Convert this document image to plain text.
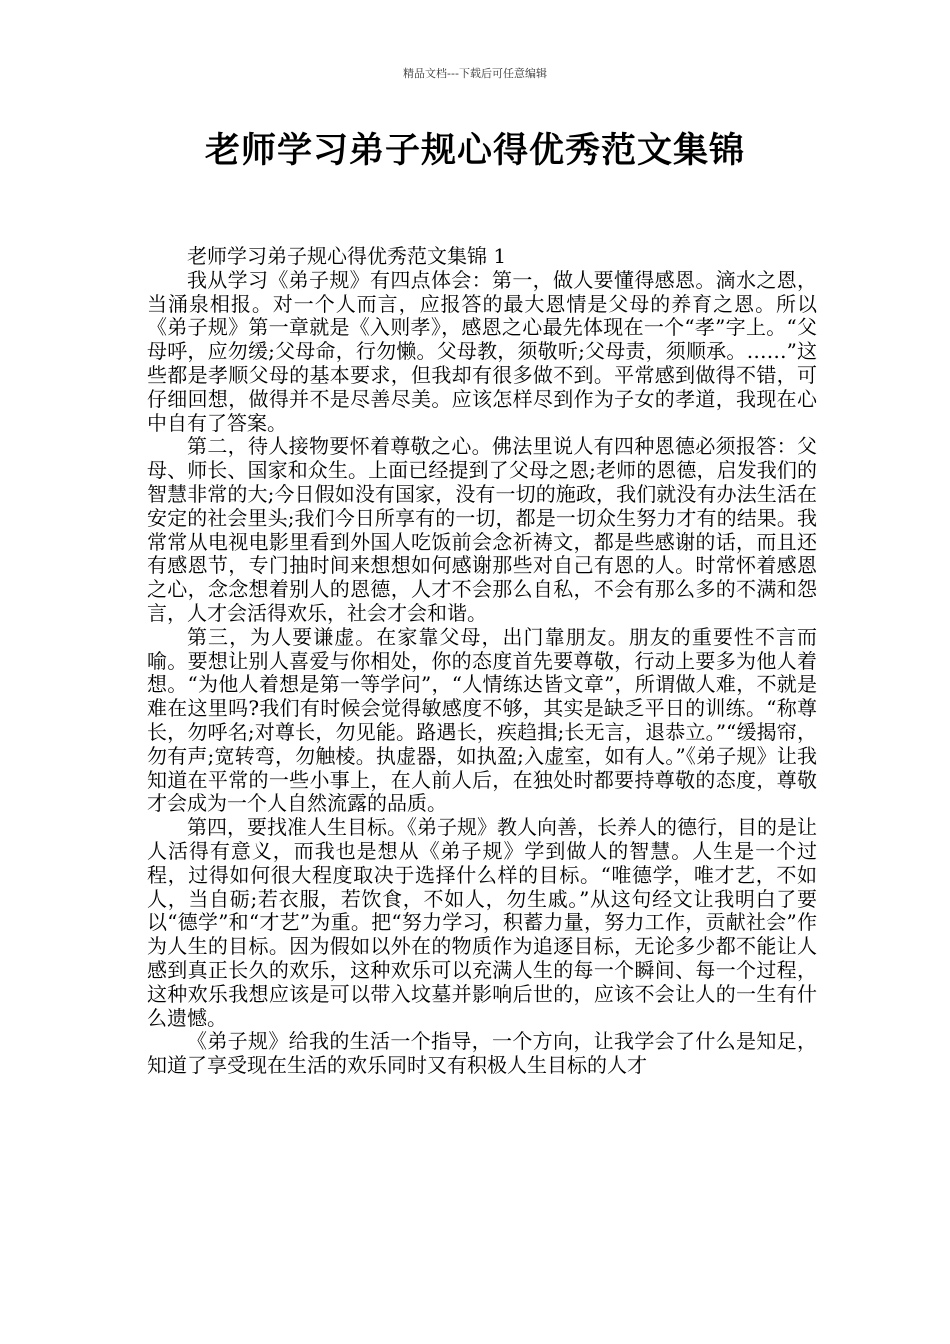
精品文档---下载后可任意编辑
老师学习弟子规心得优秀范文集锦

老师学习弟子规心得优秀范文集锦 1

我从学习《弟子规》有四点体会：第一，做人要懂得感恩。滴水之恩，当涌泉相报。对一个人而言，应报答的最大恩情是父母的养育之恩。所以《弟子规》第一章就是《入则孝》，感恩之心最先体现在一个“孝”字上。“父母呼，应勿缓;父母命，行勿懒。父母教，须敬听;父母责，须顺承。……”这些都是孝顺父母的基本要求，但我却有很多做不到。平常感到做得不错，可仔细回想，做得并不是尽善尽美。应该怎样尽到作为子女的孝道，我现在心中自有了答案。

第二，待人接物要怀着尊敬之心。佛法里说人有四种恩德必须报答：父母、师长、国家和众生。上面已经提到了父母之恩;老师的恩德，启发我们的智慧非常的大;今日假如没有国家，没有一切的施政，我们就没有办法生活在安定的社会里头;我们今日所享有的一切，都是一切众生努力才有的结果。我常常从电视电影里看到外国人吃饭前会念祈祷文，都是些感谢的话，而且还有感恩节，专门抽时间来想想如何感谢那些对自己有恩的人。时常怀着感恩之心，念念想着别人的恩德，人才不会那么自私，不会有那么多的不满和怨言，人才会活得欢乐，社会才会和谐。

第三，为人要谦虚。在家靠父母，出门靠朋友。朋友的重要性不言而喻。要想让别人喜爱与你相处，你的态度首先要尊敬，行动上要多为他人着想。“为他人着想是第一等学问”，“人情练达皆文章”，所谓做人难，不就是难在这里吗?我们有时候会觉得敏感度不够，其实是缺乏平日的训练。“称尊长，勿呼名;对尊长，勿见能。路遇长，疾趋揖;长无言，退恭立。”“缓揭帘，勿有声;宽转弯，勿触棱。执虚器，如执盈;入虚室，如有人。”《弟子规》让我知道在平常的一些小事上，在人前人后，在独处时都要持尊敬的态度，尊敬才会成为一个人自然流露的品质。

第四，要找准人生目标。《弟子规》教人向善，长养人的德行，目的是让人活得有意义，而我也是想从《弟子规》学到做人的智慧。人生是一个过程，过得如何很大程度取决于选择什么样的目标。“唯德学，唯才艺，不如人，当自砺;若衣服，若饮食，不如人，勿生戚。”从这句经文让我明白了要以“德学”和“才艺”为重。把“努力学习，积蓄力量，努力工作，贡献社会”作为人生的目标。因为假如以外在的物质作为追逐目标，无论多少都不能让人感到真正长久的欢乐，这种欢乐可以充满人生的每一个瞬间、每一个过程，这种欢乐我想应该是可以带入坟墓并影响后世的，应该不会让人的一生有什么遗憾。

《弟子规》给我的生活一个指导，一个方向，让我学会了什么是知足，知道了享受现在生活的欢乐同时又有积极人生目标的人才
